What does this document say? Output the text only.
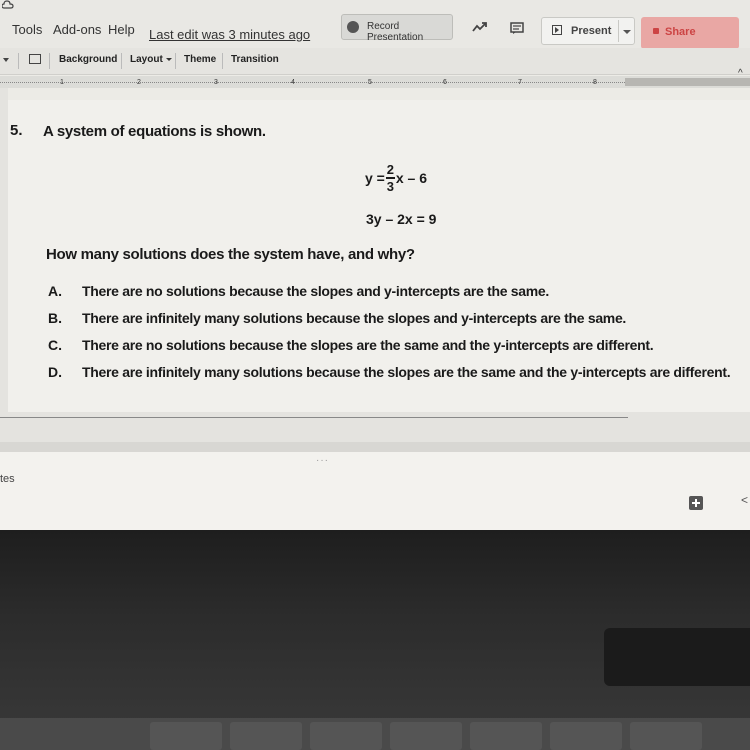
Tools Add-ons Help Last edit was 3 minutes ago
Record Presentation
Present	Share
Background Layout	Theme Transition
1	2	3	4	5	6	7	8
^
5. A system of equations is shown.
$y = \frac{2}{3}$ x – 6
3y – 2x = 9
How many solutions does the system have, and why?
A. There are no solutions because the slopes and y-intercepts are the same.
B. There are infinitely many solutions because the slopes and y-intercepts are the same.
C. There are no solutions because the slopes are the same and the y-intercepts are different.
D. There are infinitely many solutions because the slopes are the same and the y-intercepts are different.
···
tes
<
